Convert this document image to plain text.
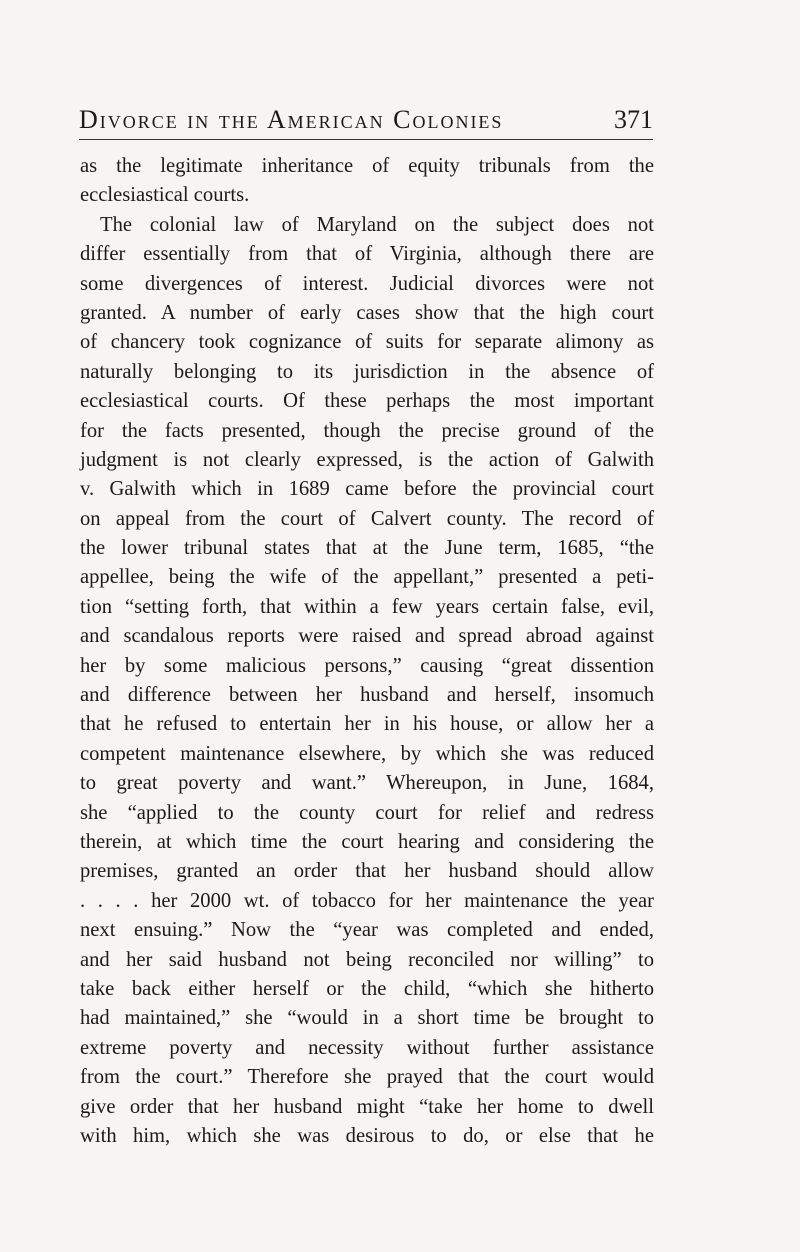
Divorce in the American Colonies	371
as the legitimate inheritance of equity tribunals from the
ecclesiastical courts.
The colonial law of Maryland on the subject does not
differ essentially from that of Virginia, although there are
some divergences of interest. Judicial divorces were not
granted. A number of early cases show that the high court
of chancery took cognizance of suits for separate alimony as
naturally belonging to its jurisdiction in the absence of
ecclesiastical courts. Of these perhaps the most important
for the facts presented, though the precise ground of the
judgment is not clearly expressed, is the action of Galwith
v. Galwith which in 1689 came before the provincial court
on appeal from the court of Calvert county. The record of
the lower tribunal states that at the June term, 1685, “the
appellee, being the wife of the appellant,” presented a peti-
tion “setting forth, that within a few years certain false, evil,
and scandalous reports were raised and spread abroad against
her by some malicious persons,” causing “great dissention
and difference between her husband and herself, insomuch
that he refused to entertain her in his house, or allow her a
competent maintenance elsewhere, by which she was reduced
to great poverty and want.” Whereupon, in June, 1684,
she “applied to the county court for relief and redress
therein, at which time the court hearing and considering the
premises, granted an order that her husband should allow
. . . . her 2000 wt. of tobacco for her maintenance the year
next ensuing.” Now the “year was completed and ended,
and her said husband not being reconciled nor willing” to
take back either herself or the child, “which she hitherto
had maintained,” she “would in a short time be brought to
extreme poverty and necessity without further assistance
from the court.” Therefore she prayed that the court would
give order that her husband might “take her home to dwell
with him, which she was desirous to do, or else that he
